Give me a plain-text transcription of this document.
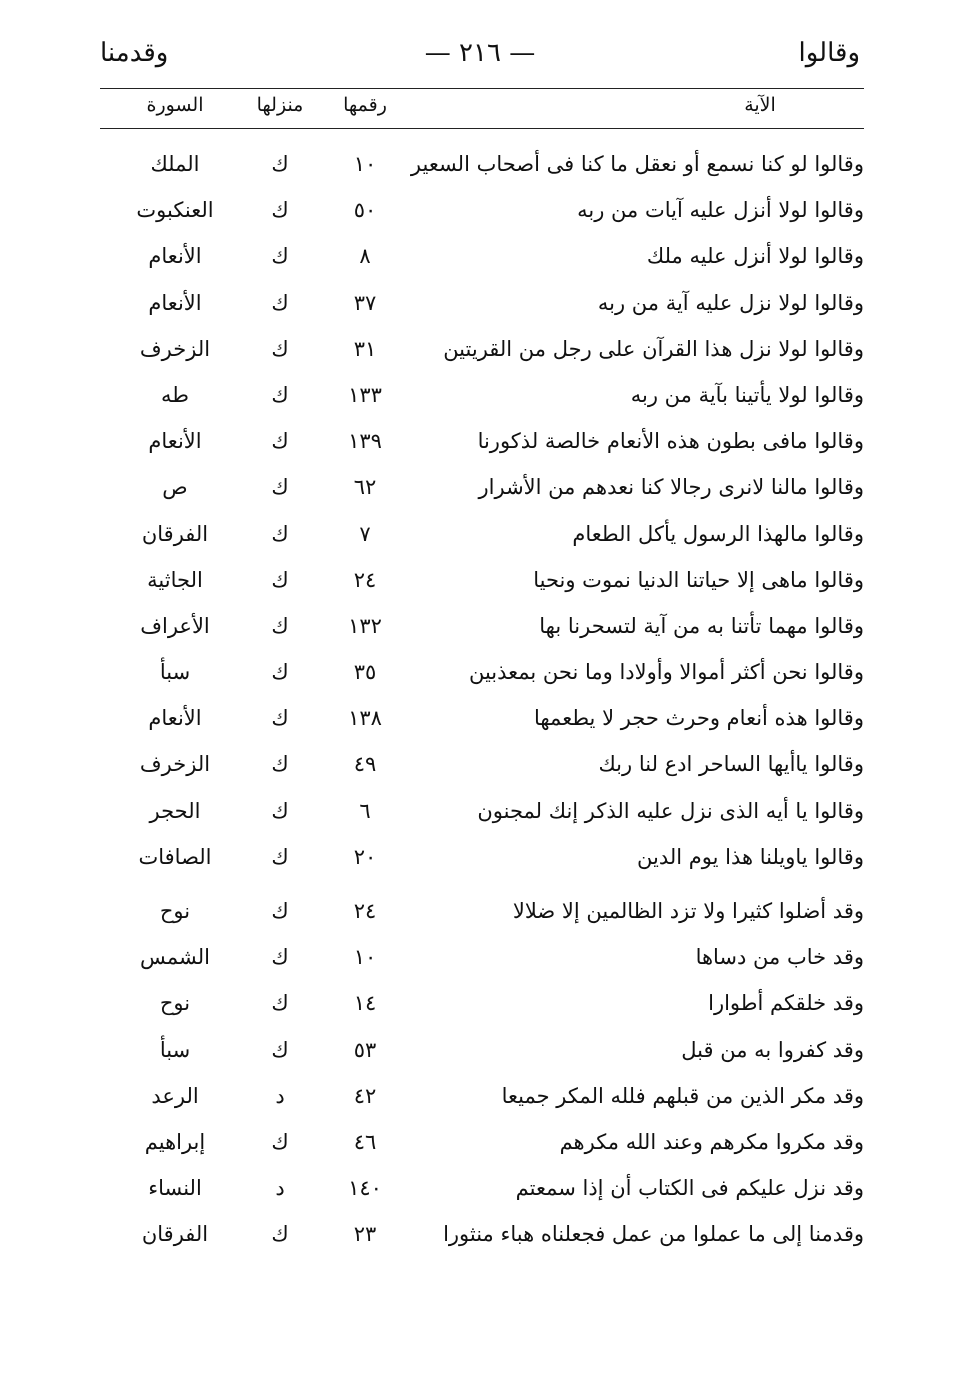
وقالوا
— ٢١٦ —
وقدمنا
الآية
رقمها
منزلها
السورة
وقالوا لو كنا نسمع أو نعقل ما كنا فى أصحاب السعير
١٠
ك
الملك
وقالوا لولا أنزل عليه آيات من ربه
٥٠
ك
العنكبوت
وقالوا لولا أنزل عليه ملك
٨
ك
الأنعام
وقالوا لولا نزل عليه آية من ربه
٣٧
ك
الأنعام
وقالوا لولا نزل هذا القرآن على رجل من القريتين
٣١
ك
الزخرف
وقالوا لولا يأتينا بآية من ربه
١٣٣
ك
طه
وقالوا مافى بطون هذه الأنعام خالصة لذكورنا
١٣٩
ك
الأنعام
وقالوا مالنا لانرى رجالا كنا نعدهم من الأشرار
٦٢
ك
ص
وقالوا مالهذا الرسول يأكل الطعام
٧
ك
الفرقان
وقالوا ماهى إلا حياتنا الدنيا نموت ونحيا
٢٤
ك
الجاثية
وقالوا مهما تأتنا به من آية لتسحرنا بها
١٣٢
ك
الأعراف
وقالوا نحن أكثر أموالا وأولادا وما نحن بمعذبين
٣٥
ك
سبأ
وقالوا هذه أنعام وحرث حجر لا يطعمها
١٣٨
ك
الأنعام
وقالوا ياأيها الساحر ادع لنا ربك
٤٩
ك
الزخرف
وقالوا يا أيه الذى نزل عليه الذكر إنك لمجنون
٦
ك
الحجر
وقالوا ياويلنا هذا يوم الدين
٢٠
ك
الصافات
وقد أضلوا كثيرا ولا تزد الظالمين إلا ضلالا
٢٤
ك
نوح
وقد خاب من دساها
١٠
ك
الشمس
وقد خلقكم أطوارا
١٤
ك
نوح
وقد كفروا به من قبل
٥٣
ك
سبأ
وقد مكر الذين من قبلهم فلله المكر جميعا
٤٢
د
الرعد
وقد مكروا مكرهم وعند الله مكرهم
٤٦
ك
إبراهيم
وقد نزل عليكم فى الكتاب أن إذا سمعتم
١٤٠
د
النساء
وقدمنا إلى ما عملوا من عمل فجعلناه هباء منثورا
٢٣
ك
الفرقان
